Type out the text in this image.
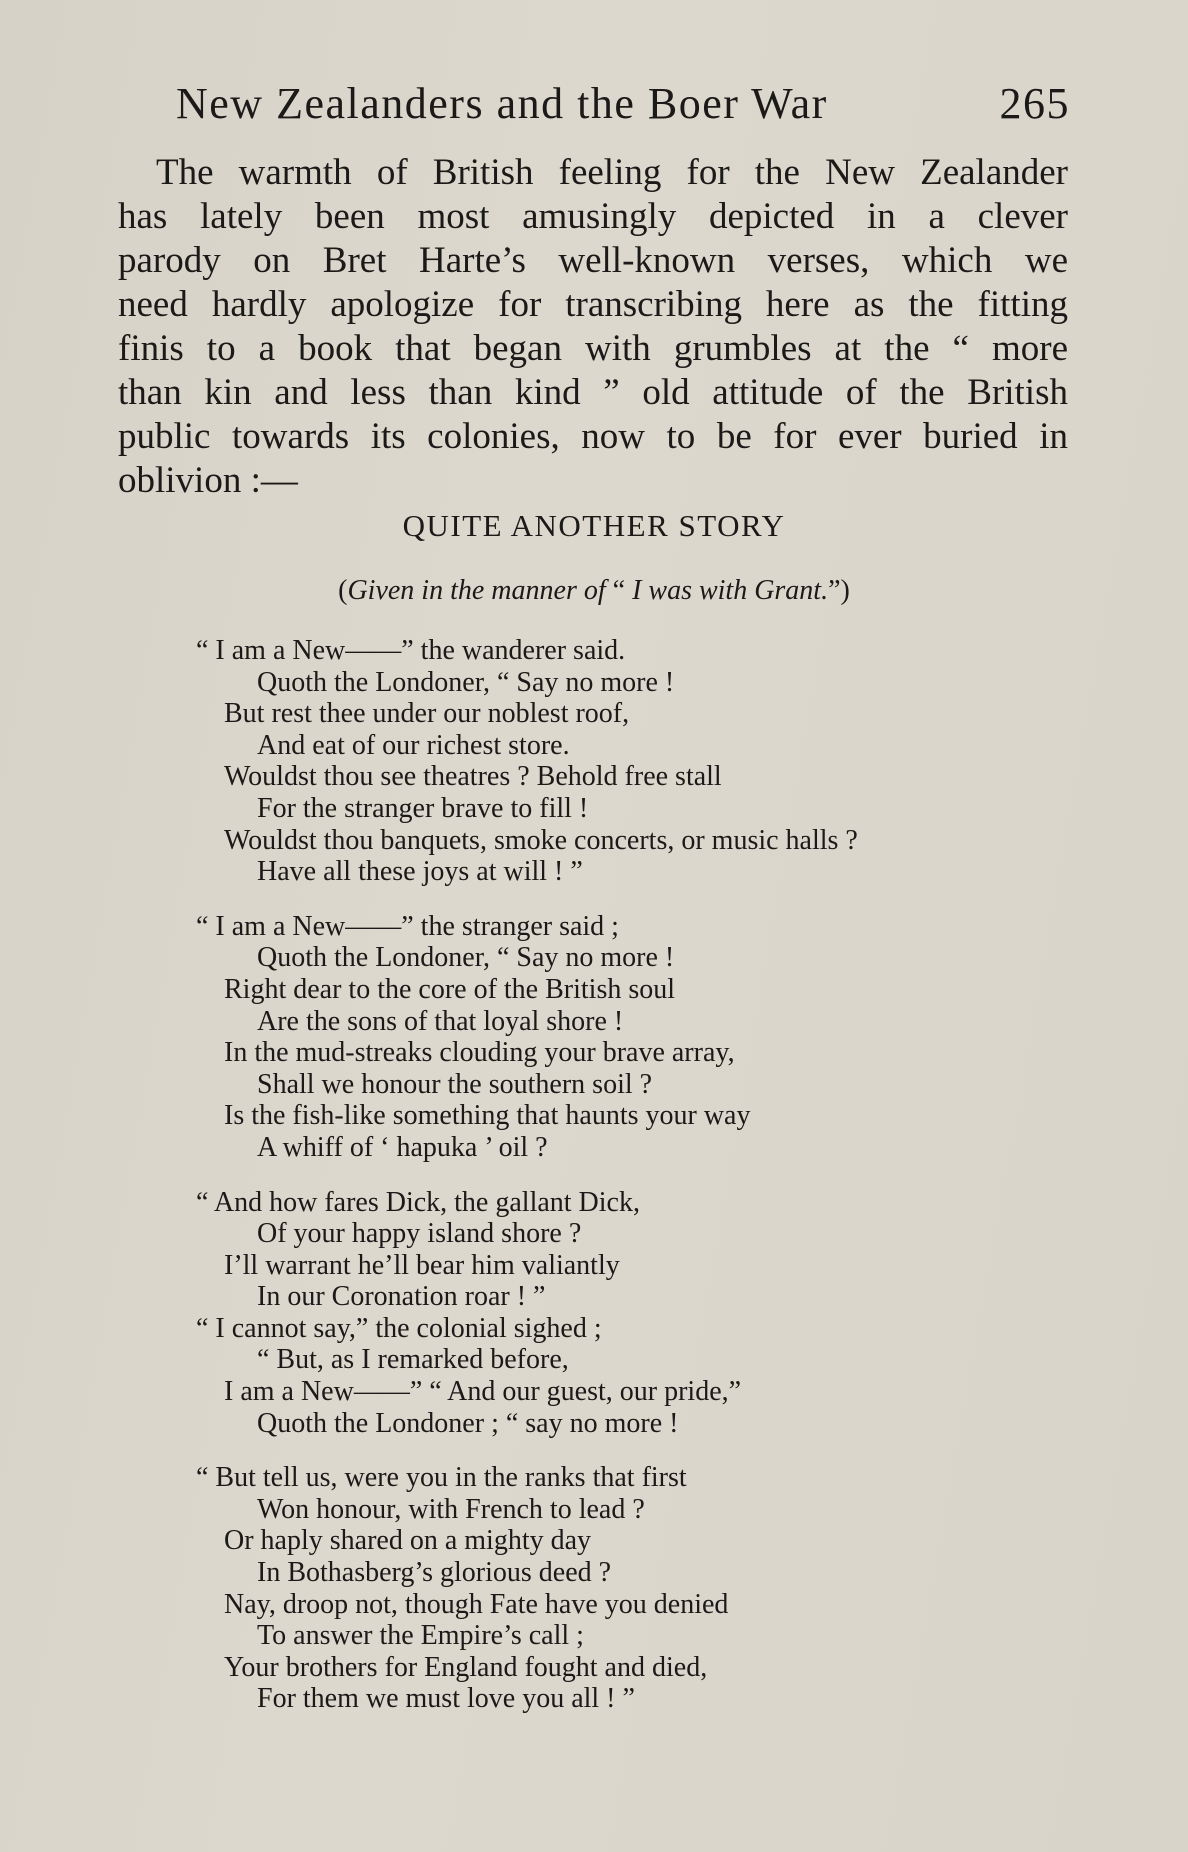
New Zealanders and the Boer War	265
The warmth of British feeling for the New Zealander
has lately been most amusingly depicted in a clever
parody on Bret Harte’s well-known verses, which we
need hardly apologize for transcribing here as the fitting
finis to a book that began with grumbles at the “ more
than kin and less than kind ” old attitude of the British
public towards its colonies, now to be for ever buried in
oblivion :—
QUITE ANOTHER STORY
(Given in the manner of “ I was with Grant.”)
“ I am a New——” the wanderer said.
Quoth the Londoner, “ Say no more !
But rest thee under our noblest roof,
And eat of our richest store.
Wouldst thou see theatres ? Behold free stall
For the stranger brave to fill !
Wouldst thou banquets, smoke concerts, or music halls ?
Have all these joys at will ! ”
“ I am a New——” the stranger said ;
Quoth the Londoner, “ Say no more !
Right dear to the core of the British soul
Are the sons of that loyal shore !
In the mud-streaks clouding your brave array,
Shall we honour the southern soil ?
Is the fish-like something that haunts your way
A whiff of ‘ hapuka ’ oil ?
“ And how fares Dick, the gallant Dick,
Of your happy island shore ?
I’ll warrant he’ll bear him valiantly
In our Coronation roar ! ”
“ I cannot say,” the colonial sighed ;
“ But, as I remarked before,
I am a New——” “ And our guest, our pride,”
Quoth the Londoner ; “ say no more !
“ But tell us, were you in the ranks that first
Won honour, with French to lead ?
Or haply shared on a mighty day
In Bothasberg’s glorious deed ?
Nay, droop not, though Fate have you denied
To answer the Empire’s call ;
Your brothers for England fought and died,
For them we must love you all ! ”
